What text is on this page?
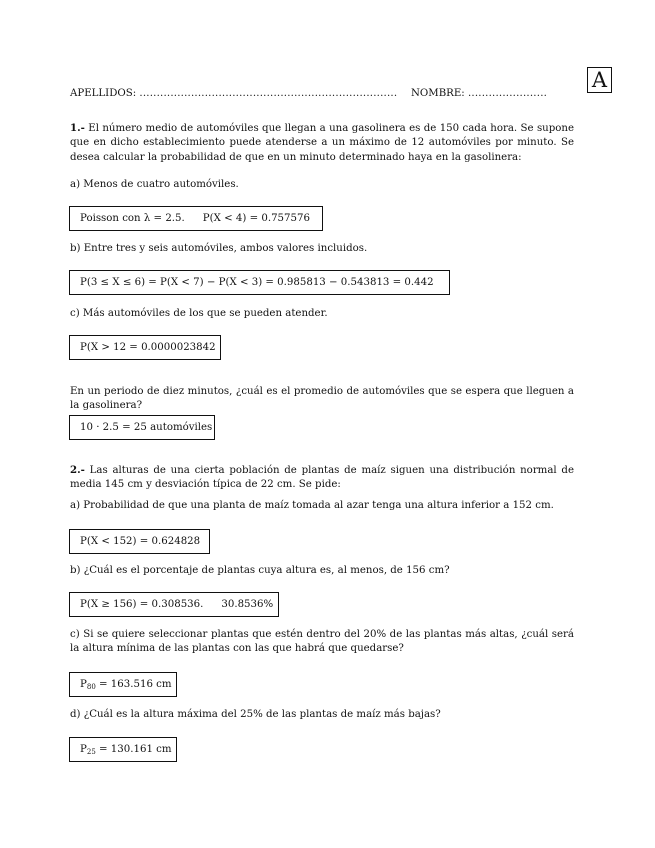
APELLIDOS: ........................................................................... NOMBRE: .......................
A

1.- El número medio de automóviles que llegan a una gasolinera es de 150 cada hora. Se supone que en dicho establecimiento puede atenderse a un máximo de 12 automóviles por minuto. Se desea calcular la probabilidad de que en un minuto determinado haya en la gasolinera:

a) Menos de cuatro automóviles.

Poisson con λ = 2.5. P(X < 4) = 0.757576

b) Entre tres y seis automóviles, ambos valores incluidos.

P(3 ≤ X ≤ 6) = P(X < 7) − P(X < 3) = 0.985813 − 0.543813 = 0.442

c) Más automóviles de los que se pueden atender.

P(X > 12 = 0.0000023842

En un periodo de diez minutos, ¿cuál es el promedio de automóviles que se espera que lleguen a la gasolinera?

10 · 2.5 = 25 automóviles

2.- Las alturas de una cierta población de plantas de maíz siguen una distribución normal de media 145 cm y desviación típica de 22 cm. Se pide:

a) Probabilidad de que una planta de maíz tomada al azar tenga una altura inferior a 152 cm.

P(X < 152) = 0.624828

b) ¿Cuál es el porcentaje de plantas cuya altura es, al menos, de 156 cm?

P(X ≥ 156) = 0.308536. 30.8536%

c) Si se quiere seleccionar plantas que estén dentro del 20% de las plantas más altas, ¿cuál será la altura mínima de las plantas con las que habrá que quedarse?

$P_{80} = 163.516$ cm

d) ¿Cuál es la altura máxima del 25% de las plantas de maíz más bajas?

$P_{25} = 130.161$ cm
